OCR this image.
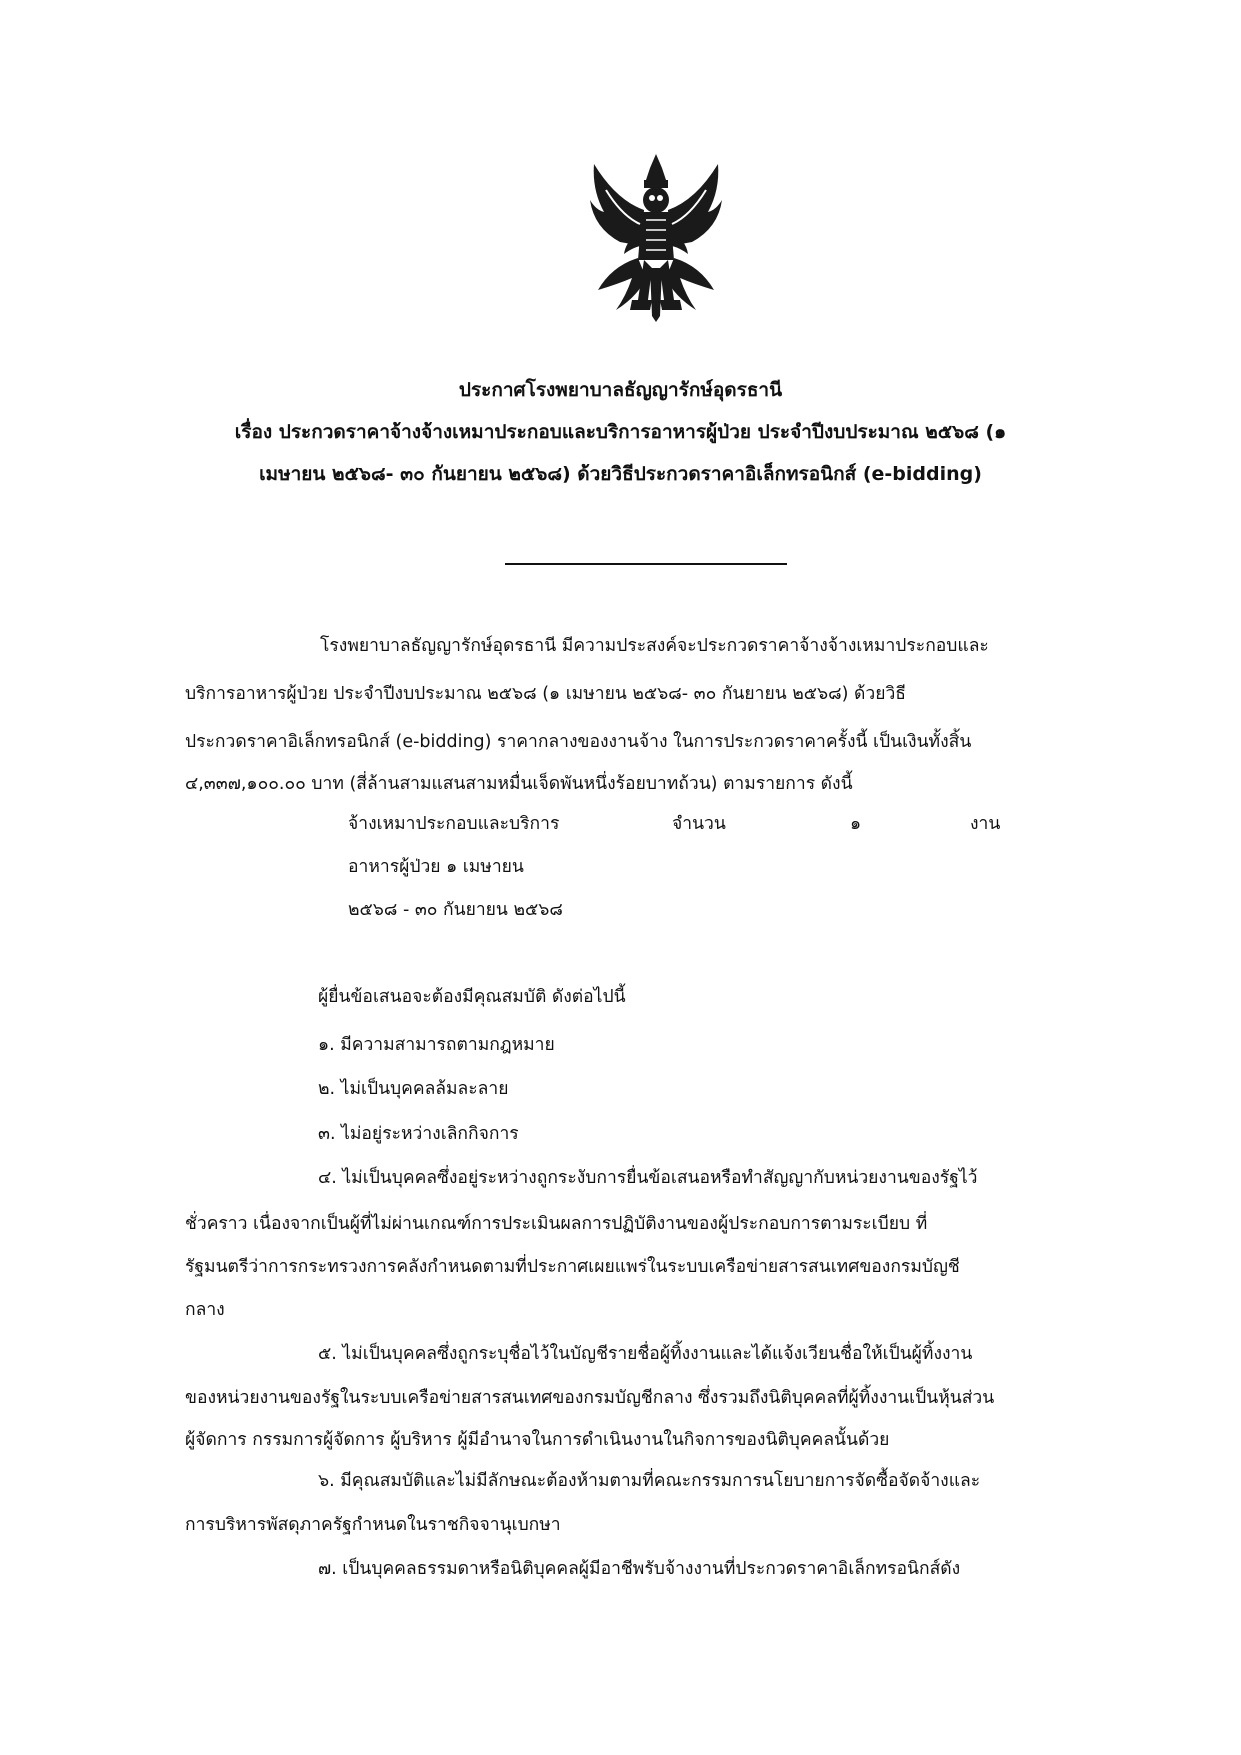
ประกาศโรงพยาบาลธัญญารักษ์อุดรธานี
เรื่อง ประกวดราคาจ้างจ้างเหมาประกอบและบริการอาหารผู้ป่วย ประจำปีงบประมาณ ๒๕๖๘ (๑
เมษายน ๒๕๖๘- ๓๐ กันยายน ๒๕๖๘) ด้วยวิธีประกวดราคาอิเล็กทรอนิกส์ (e-bidding)
โรงพยาบาลธัญญารักษ์อุดรธานี มีความประสงค์จะประกวดราคาจ้างจ้างเหมาประกอบและ
บริการอาหารผู้ป่วย ประจำปีงบประมาณ ๒๕๖๘ (๑ เมษายน ๒๕๖๘- ๓๐ กันยายน ๒๕๖๘) ด้วยวิธี
ประกวดราคาอิเล็กทรอนิกส์ (e-bidding) ราคากลางของงานจ้าง ในการประกวดราคาครั้งนี้ เป็นเงินทั้งสิ้น
๔,๓๓๗,๑๐๐.๐๐ บาท (สี่ล้านสามแสนสามหมื่นเจ็ดพันหนึ่งร้อยบาทถ้วน) ตามรายการ ดังนี้
จ้างเหมาประกอบและบริการ
อาหารผู้ป่วย ๑ เมษายน
๒๕๖๘ - ๓๐ กันยายน ๒๕๖๘
จำนวน	๑	งาน
ผู้ยื่นข้อเสนอจะต้องมีคุณสมบัติ ดังต่อไปนี้
๑. มีความสามารถตามกฎหมาย
๒. ไม่เป็นบุคคลล้มละลาย
๓. ไม่อยู่ระหว่างเลิกกิจการ
๔. ไม่เป็นบุคคลซึ่งอยู่ระหว่างถูกระงับการยื่นข้อเสนอหรือทำสัญญากับหน่วยงานของรัฐไว้
ชั่วคราว เนื่องจากเป็นผู้ที่ไม่ผ่านเกณฑ์การประเมินผลการปฏิบัติงานของผู้ประกอบการตามระเบียบ ที่
รัฐมนตรีว่าการกระทรวงการคลังกำหนดตามที่ประกาศเผยแพร่ในระบบเครือข่ายสารสนเทศของกรมบัญชี
กลาง
๕. ไม่เป็นบุคคลซึ่งถูกระบุชื่อไว้ในบัญชีรายชื่อผู้ทิ้งงานและได้แจ้งเวียนชื่อให้เป็นผู้ทิ้งงาน
ของหน่วยงานของรัฐในระบบเครือข่ายสารสนเทศของกรมบัญชีกลาง ซึ่งรวมถึงนิติบุคคลที่ผู้ทิ้งงานเป็นหุ้นส่วน
ผู้จัดการ กรรมการผู้จัดการ ผู้บริหาร ผู้มีอำนาจในการดำเนินงานในกิจการของนิติบุคคลนั้นด้วย
๖. มีคุณสมบัติและไม่มีลักษณะต้องห้ามตามที่คณะกรรมการนโยบายการจัดซื้อจัดจ้างและ
การบริหารพัสดุภาครัฐกำหนดในราชกิจจานุเบกษา
๗. เป็นบุคคลธรรมดาหรือนิติบุคคลผู้มีอาชีพรับจ้างงานที่ประกวดราคาอิเล็กทรอนิกส์ดัง
